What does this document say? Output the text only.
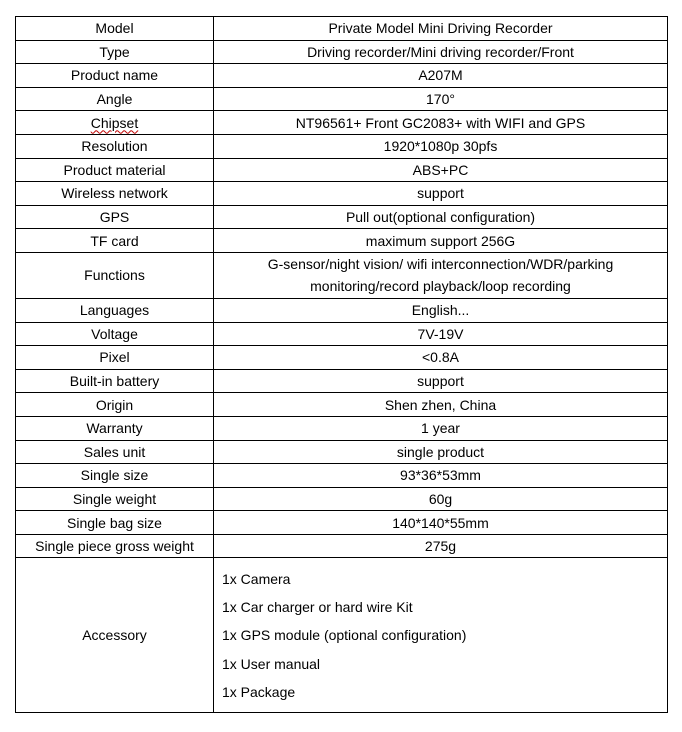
Model	Private Model Mini Driving Recorder
Type	Driving recorder/Mini driving recorder/Front
Product name	A207M
Angle	170°
Chipset	NT96561+ Front GC2083+ with WIFI and GPS
Resolution	1920*1080p 30pfs
Product material	ABS+PC
Wireless network	support
GPS	Pull out(optional configuration)
TF card	maximum support 256G
Functions	G-sensor/night vision/ wifi interconnection/WDR/parking
monitoring/record playback/loop recording

Languages	English...
Voltage	7V-19V
Pixel	<0.8A
Built-in battery	support
Origin	Shen zhen, China
Warranty	1 year
Sales unit	single product
Single size	93*36*53mm
Single weight	60g
Single bag size	140*140*55mm
Single piece gross weight	275g
Accessory	1x Camera
1x Car charger or hard wire Kit
1x GPS module (optional configuration)
1x User manual
1x Package
